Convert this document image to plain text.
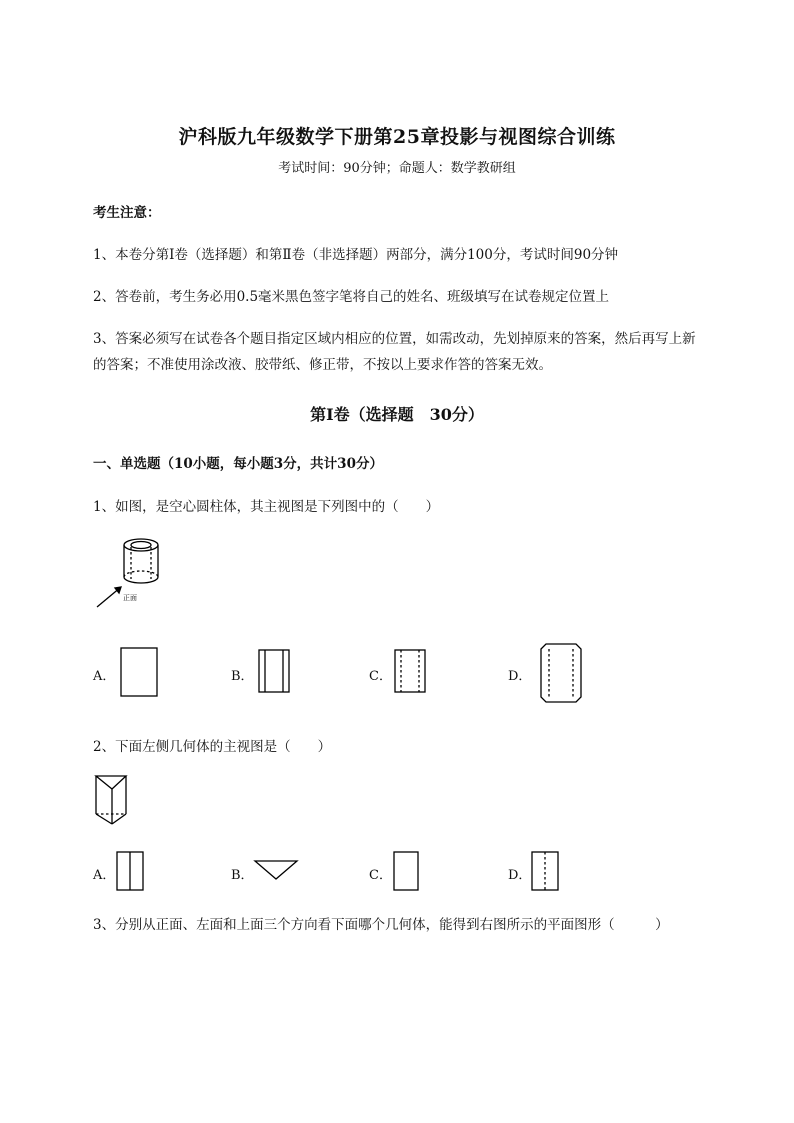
沪科版九年级数学下册第25章投影与视图综合训练
考试时间：90分钟；命题人：数学教研组
考生注意：
1、本卷分第I卷（选择题）和第Ⅱ卷（非选择题）两部分，满分100分，考试时间90分钟
2、答卷前，考生务必用0.5毫米黑色签字笔将自己的姓名、班级填写在试卷规定位置上
3、答案必须写在试卷各个题目指定区域内相应的位置，如需改动，先划掉原来的答案，然后再写上新
的答案；不准使用涂改液、胶带纸、修正带，不按以上要求作答的答案无效。
第I卷（选择题　30分）
一、单选题（10小题，每小题3分，共计30分）
1、如图，是空心圆柱体，其主视图是下列图中的（　　）
正面
A．	B．	C．	D．
2、下面左侧几何体的主视图是（　　）
A．	B．	C．	D．
3、分别从正面、左面和上面三个方向看下面哪个几何体，能得到右图所示的平面图形（　　　）
